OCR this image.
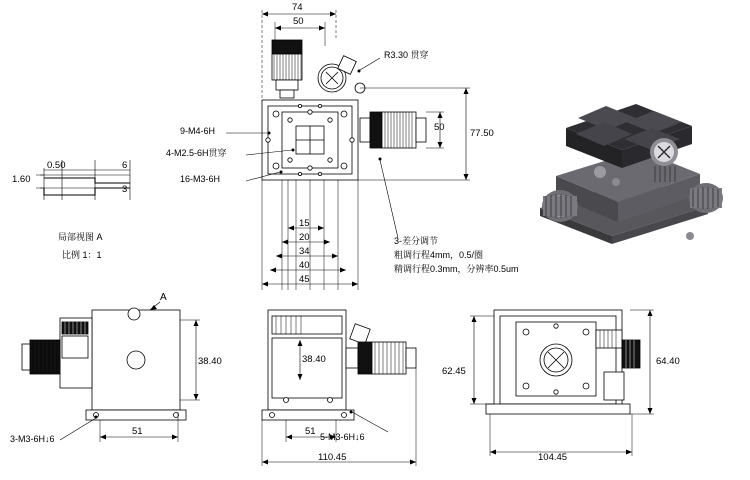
1.60
0.50	6
3
局部视图 A
比例 1：1
74
50
50
77.50
15
20
34
40
45
R3.30 贯穿
9-M4-6H
4-M2.5-6H贯穿
16-M3-6H
3-差分调节
粗调行程4mm，0.5/圈
精调行程0.3mm，分辨率0.5um
A
38.40
51
3-M3-6H↓6
38.40
51
110.45
5-M3-6H↓6
62.45
64.40
104.45
